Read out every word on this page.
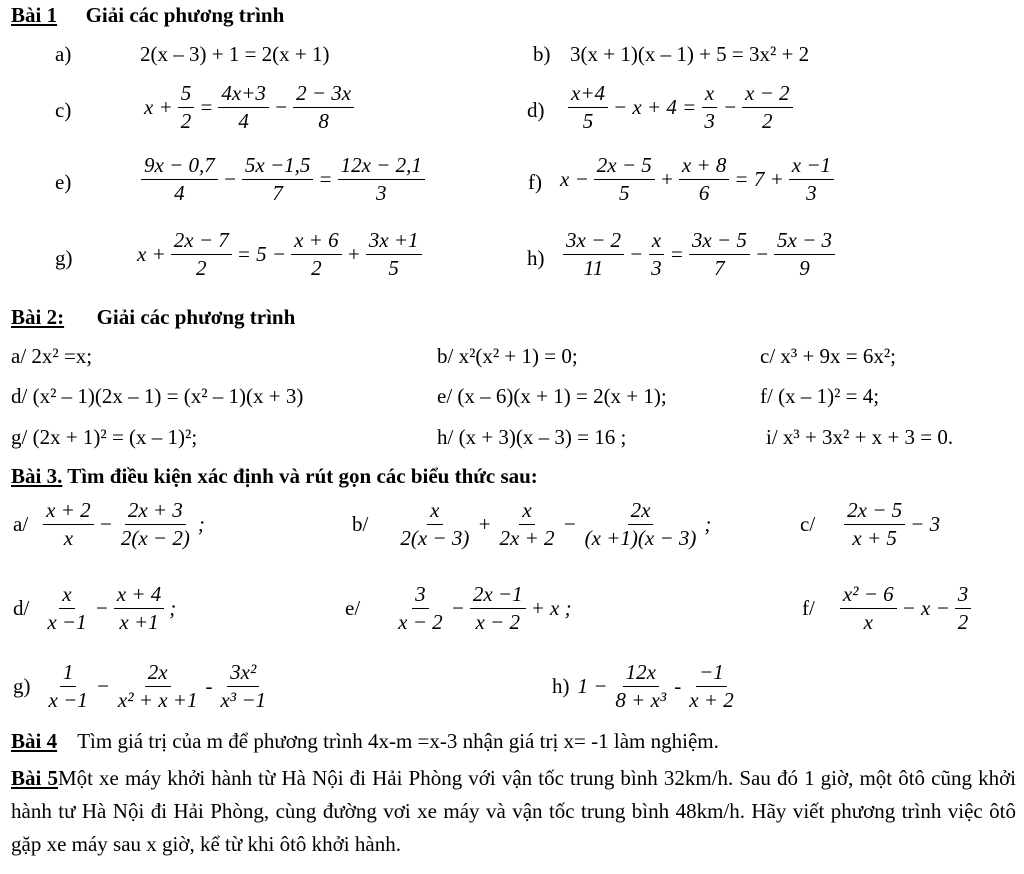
Bài 1 Giải các phương trình
a)	2(x – 3) + 1 = 2(x + 1)	b) 3(x + 1)(x – 1) + 5 = 3x² + 2
c)	$x + \frac{5}{2} = \frac{4x+3}{4} - \frac{2 - 3x}{8}$	$d) \frac{x+4}{5} - x + 4 = \frac{x}{3} - \frac{x - 2}{2}$
e)	$\frac{9x - 0,7}{4} - \frac{5x -1,5}{7} = \frac{12x - 2,1}{3}$	f) $x - \frac{2x - 5}{5} + \frac{x + 8}{6} = 7 + \frac{x -1}{3}$
g)	$x + \frac{2x - 7}{2} = 5 - \frac{x + 6}{2} + \frac{3x +1}{5}$	$h) \frac{3x - 2}{11} - \frac{x}{3} = \frac{3x - 5}{7} - \frac{5x - 3}{9}$
Bài 2: Giải các phương trình
a/ 2x² =x;	b/ x²(x² + 1) = 0;	c/ x³ + 9x = 6x²;
d/ (x² – 1)(2x – 1) = (x² – 1)(x + 3)	e/ (x – 6)(x + 1) = 2(x + 1);	f/ (x – 1)² = 4;
g/ (2x + 1)² = (x – 1)²;	h/ (x + 3)(x – 3) = 16 ;	i/ x³ + 3x² + x + 3 = 0.
Bài 3. Tìm điều kiện xác định và rút gọn các biểu thức sau:
$a/ \frac{x + 2}{x} - \frac{2x + 3}{2(x - 2)}$ ;	$b/ \frac{x}{2(x - 3)} + \frac{x}{2x + 2} - \frac{2x}{(x +1)(x - 3)}$ ;	$c/ \frac{2x - 5}{x + 5} - 3$
$d/ \frac{x}{x -1} - \frac{x + 4}{x +1}$ ;	$e/ \frac{3}{x - 2} - \frac{2x -1}{x - 2} + x$ ;	$f/ \frac{\text{x² − 6}}{x} - x - \frac{3}{2}$
$g) \frac{1}{x -1} - \frac{2x}{\text{x² + x +1}} - \frac{\text{3x²}}{\text{x³ −1}}$	h) $1 - \frac{12x}{\text{8 + x³}} - \frac{-1}{x + 2}$
Bài 4 Tìm giá trị của m để phương trình 4x-m =x-3 nhận giá trị x= -1 làm nghiệm.
Bài 5Một xe máy khởi hành từ Hà Nội đi Hải Phòng với vận tốc trung bình 32km/h. Sau đó 1 giờ, một ôtô cũng khởi hành tư Hà Nội đi Hải Phòng, cùng đường vơi xe máy và vận tốc trung bình 48km/h. Hãy viết phương trình việc ôtô gặp xe máy sau x giờ, kể từ khi ôtô khởi hành.
